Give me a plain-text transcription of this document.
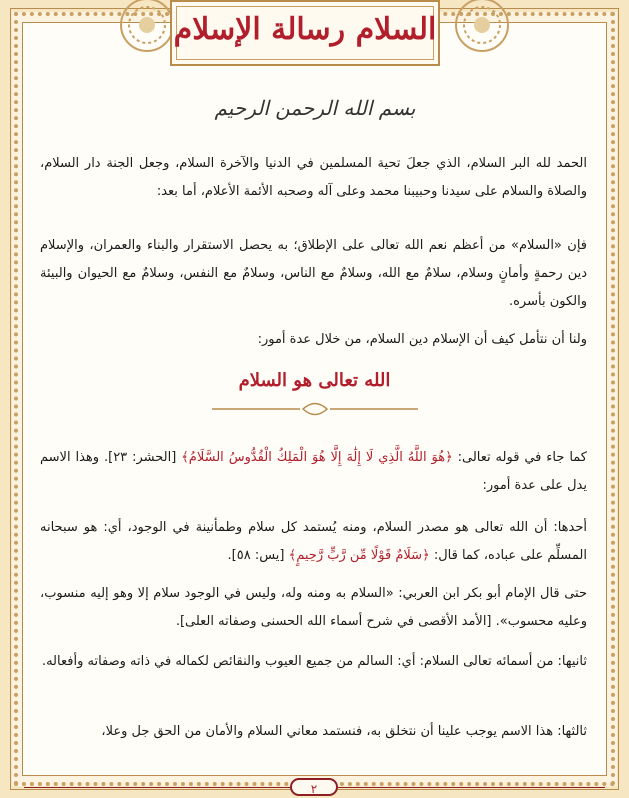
السلام رسالة الإسلام
بسم الله الرحمن الرحيم
الحمد لله البر السلام، الذي جعلَ تحية المسلمين في الدنيا والآخرة السلام، وجعل الجنة دار السلام، والصلاة والسلام على سيدنا وحبيبنا محمد وعلى آله وصحبه الأئمة الأعلام، أما بعد:
فإن «السلام» من أعظم نعم الله تعالى على الإطلاق؛ به يحصل الاستقرار والبناء والعمران، والإسلام دين رحمةٍ وأمانٍ وسلام، سلامٌ مع الله، وسلامٌ مع الناس، وسلامٌ مع النفس، وسلامٌ مع الحيوان والبيئة والكون بأسره.
ولنا أن نتأمل كيف أن الإسلام دين السلام، من خلال عدة أمور:
الله تعالى هو السلام
كما جاء في قوله تعالى: ﴿هُوَ اللَّهُ الَّذِي لَا إِلَٰهَ إِلَّا هُوَ الْمَلِكُ الْقُدُّوسُ السَّلَامُ﴾ [الحشر: ٢٣]. وهذا الاسم يدل على عدة أمور:
أحدها: أن الله تعالى هو مصدر السلام، ومنه يُستمد كل سلام وطمأنينة في الوجود، أي: هو سبحانه المسلِّم على عباده، كما قال: ﴿سَلَامٌ قَوْلًا مِّن رَّبٍّ رَّحِيمٍ﴾ [يس: ٥٨].
حتى قال الإمام أبو بكر ابن العربي: «السلام به ومنه وله، وليس في الوجود سلام إلا وهو إليه منسوب، وعليه محسوب». [الأمد الأقصى في شرح أسماء الله الحسنى وصفاته العلى].
ثانيها: من أسمائه تعالى السلام: أي: السالم من جميع العيوب والنقائص لكماله في ذاته وصفاته وأفعاله.
ثالثها: هذا الاسم يوجب علينا أن نتخلق به، فنستمد معاني السلام والأمان من الحق جل وعلا،
٢
